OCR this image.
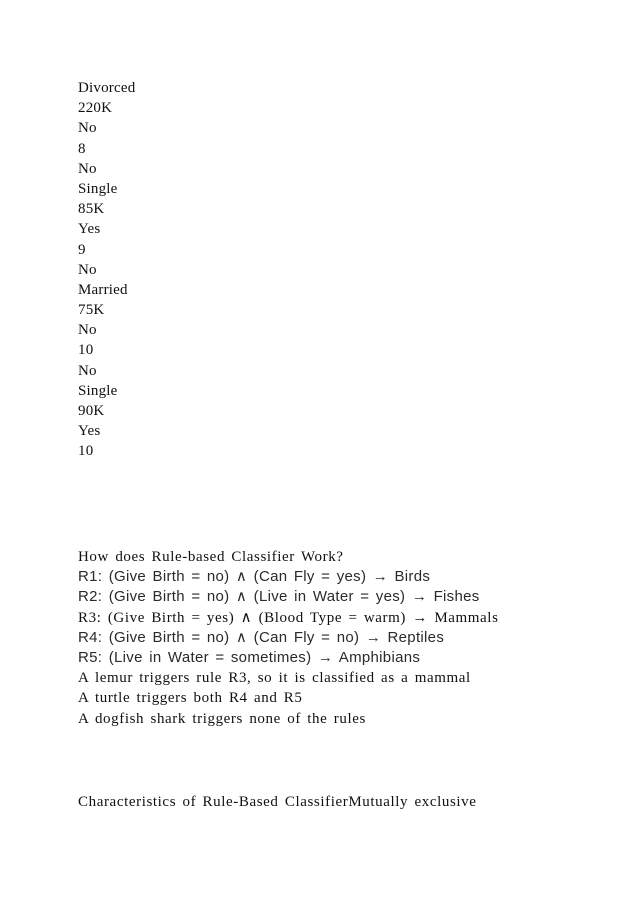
Divorced
220K
No
8
No
Single
85K
Yes
9
No
Married
75K
No
10
No
Single
90K
Yes
10
How does Rule-based Classifier Work?
R1: (Give Birth = no) ∧ (Can Fly = yes) → Birds
R2: (Give Birth = no) ∧ (Live in Water = yes) → Fishes
R3: (Give Birth = yes) ∧ (Blood Type = warm) → Mammals
R4: (Give Birth = no) ∧ (Can Fly = no) → Reptiles
R5: (Live in Water = sometimes) → Amphibians
A lemur triggers rule R3, so it is classified as a mammal
A turtle triggers both R4 and R5
A dogfish shark triggers none of the rules
Characteristics of Rule-Based ClassifierMutually exclusive
